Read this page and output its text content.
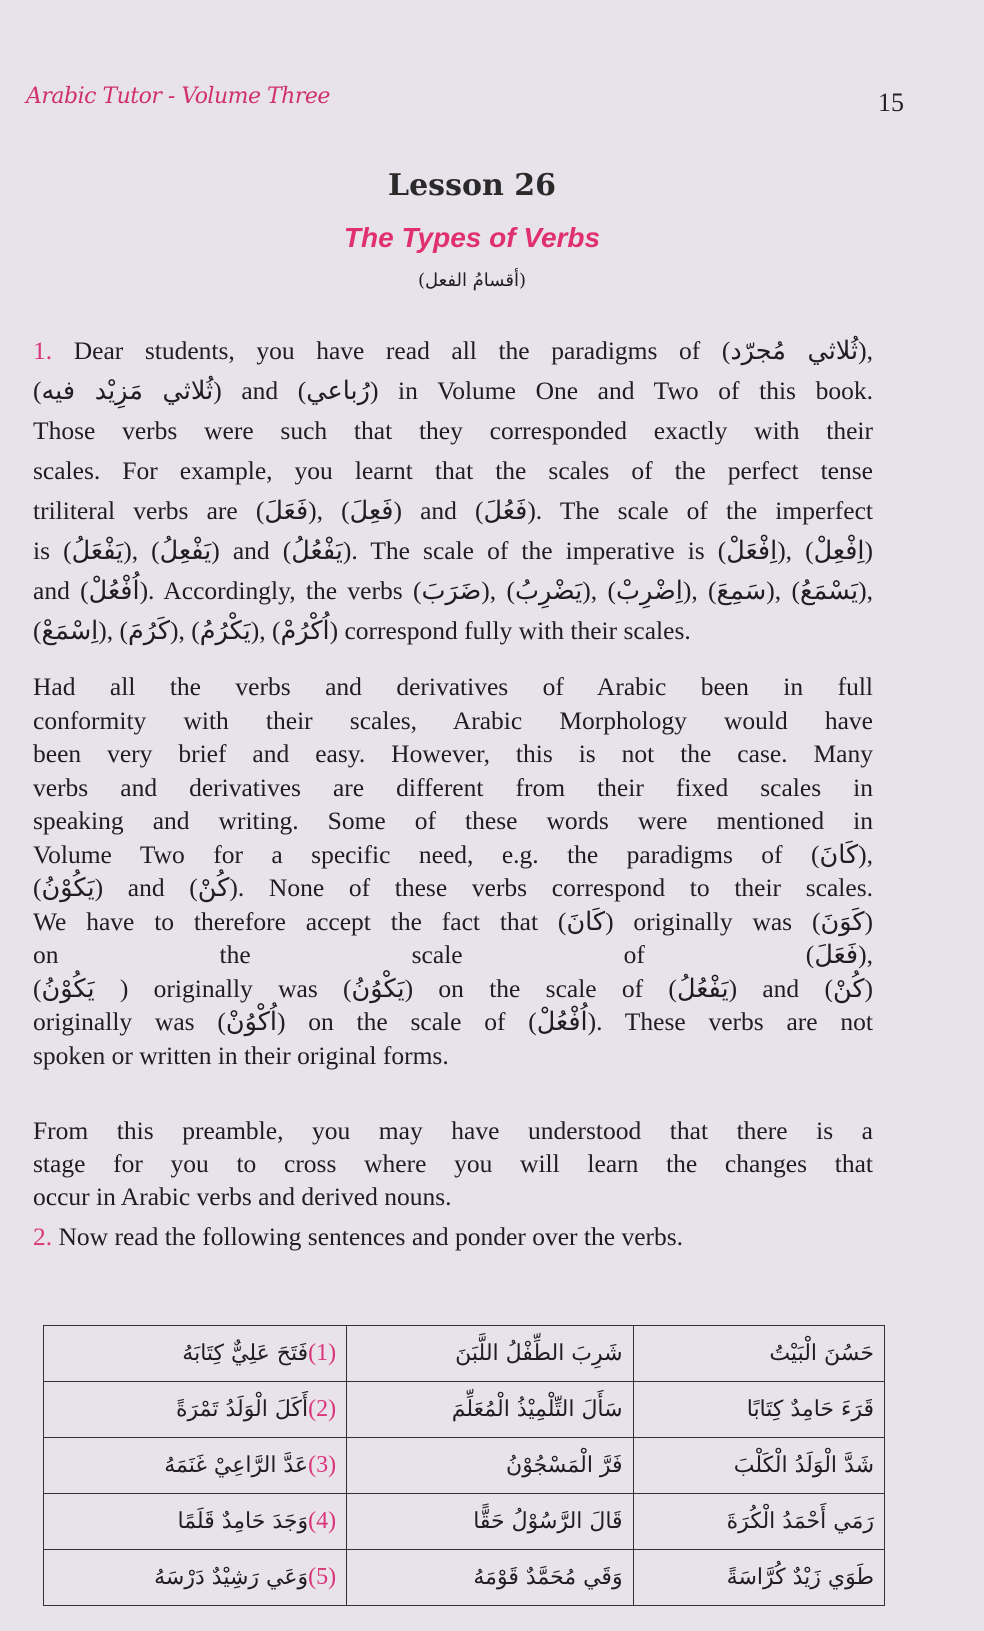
Arabic Tutor - Volume Three	15
Lesson 26
The Types of Verbs
(أقسامُ الفعل)
1. Dear students, you have read all the paradigms of (ثُلاثي مُجرّد),
(ثُلاثي مَزِيْد فيه) and (رُباعي) in Volume One and Two of this book.
Those verbs were such that they corresponded exactly with their
scales. For example, you learnt that the scales of the perfect tense
triliteral verbs are (فَعَلَ), (فَعِلَ) and (فَعُلَ). The scale of the imperfect
is (يَفْعَلُ), (يَفْعِلُ) and (يَفْعُلُ). The scale of the imperative is (اِفْعَلْ), (اِفْعِلْ)
and (اُفْعُلْ). Accordingly, the verbs (ضَرَبَ), (يَضْرِبُ), (اِضْرِبْ), (سَمِعَ), (يَسْمَعُ),
(اِسْمَعْ), (كَرُمَ), (يَكْرُمُ), (اُكْرُمْ) correspond fully with their scales.
Had all the verbs and derivatives of Arabic been in full
conformity with their scales, Arabic Morphology would have
been very brief and easy. However, this is not the case. Many
verbs and derivatives are different from their fixed scales in
speaking and writing. Some of these words were mentioned in
Volume Two for a specific need, e.g. the paradigms of (كَانَ),
(يَكُوْنُ) and (كُنْ). None of these verbs correspond to their scales.
We have to therefore accept the fact that (كَانَ) originally was (كَوَنَ)
on the scale of (فَعَلَ),
(يَكُوْنُ ) originally was (يَكْوُنُ) on the scale of (يَفْعُلُ) and (كُنْ)
originally was (اُكْوُنْ) on the scale of (اُفْعُلْ). These verbs are not
spoken or written in their original forms.
From this preamble, you may have understood that there is a
stage for you to cross where you will learn the changes that
occur in Arabic verbs and derived nouns.
2. Now read the following sentences and ponder over the verbs.
(1)فَتَحَ عَلِيٌّ كِتَابَهُ	شَرِبَ الطِّفْلُ اللَّبَنَ	حَسُنَ الْبَيْتُ
(2)أَكَلَ الْوَلَدُ تَمْرَةً	سَأَلَ التِّلْمِيْذُ الْمُعَلِّمَ	قَرَءَ حَامِدٌ كِتَابًا
(3)عَدَّ الرَّاعِيْ غَنَمَهُ	فَرَّ الْمَسْجُوْنُ	شَدَّ الْوَلَدُ الْكَلْبَ
(4)وَجَدَ حَامِدٌ قَلَمًا	قَالَ الرَّسُوْلُ حَقًّا	رَمَي أَحْمَدُ الْكُرَةَ
(5)وَعَي رَشِيْدٌ دَرْسَهُ	وَقَي مُحَمَّدٌ قَوْمَهُ	طَوَي زَيْدٌ كُرَّاسَةً
